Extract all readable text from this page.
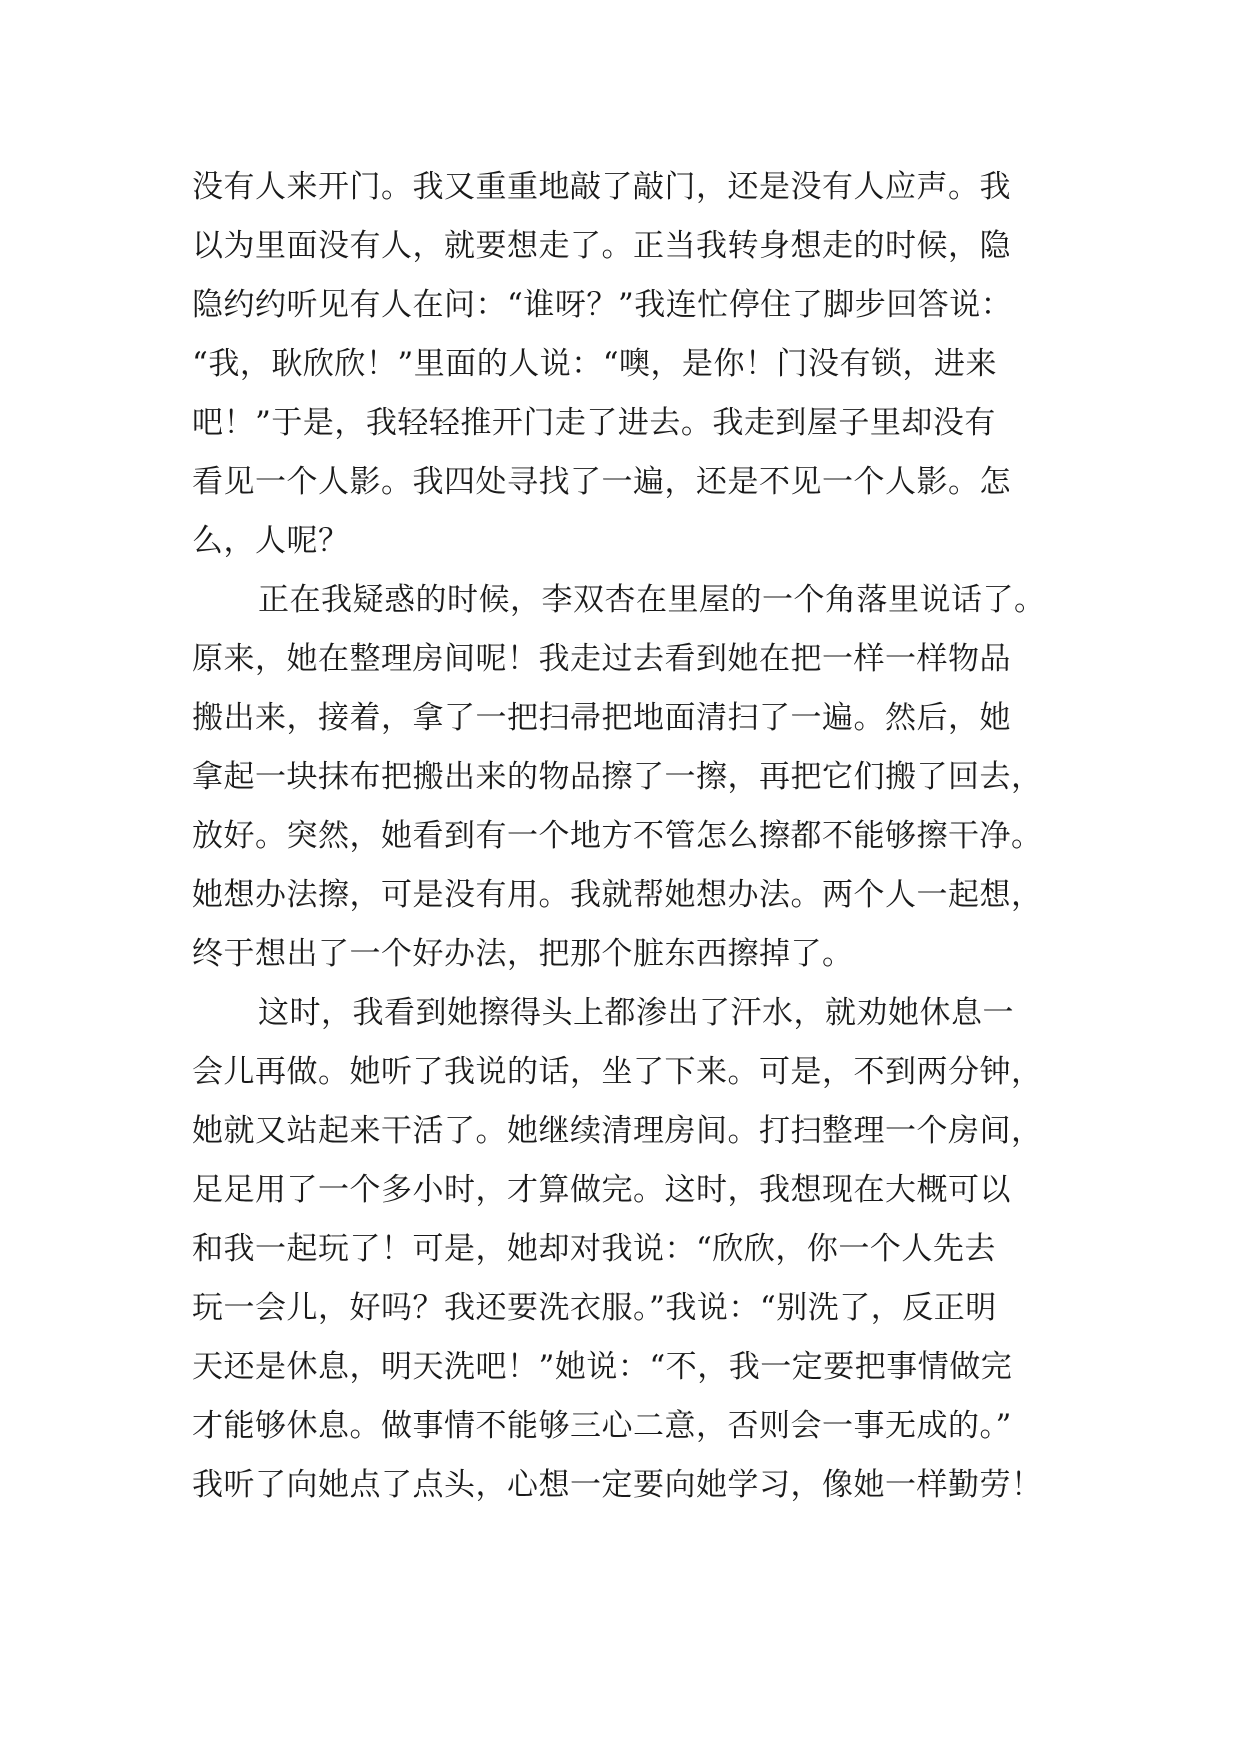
没有人来开门。我又重重地敲了敲门，还是没有人应声。我
以为里面没有人，就要想走了。正当我转身想走的时候，隐
隐约约听见有人在问：“谁呀？”我连忙停住了脚步回答说：
“我，耿欣欣！”里面的人说：“噢，是你！门没有锁，进来
吧！”于是，我轻轻推开门走了进去。我走到屋子里却没有
看见一个人影。我四处寻找了一遍，还是不见一个人影。怎
么，人呢？
正在我疑惑的时候，李双杏在里屋的一个角落里说话了。
原来，她在整理房间呢！我走过去看到她在把一样一样物品
搬出来，接着，拿了一把扫帚把地面清扫了一遍。然后，她
拿起一块抹布把搬出来的物品擦了一擦，再把它们搬了回去，
放好。突然，她看到有一个地方不管怎么擦都不能够擦干净。
她想办法擦，可是没有用。我就帮她想办法。两个人一起想，
终于想出了一个好办法，把那个脏东西擦掉了。
这时，我看到她擦得头上都渗出了汗水，就劝她休息一
会儿再做。她听了我说的话，坐了下来。可是，不到两分钟，
她就又站起来干活了。她继续清理房间。打扫整理一个房间，
足足用了一个多小时，才算做完。这时，我想现在大概可以
和我一起玩了！可是，她却对我说：“欣欣，你一个人先去
玩一会儿，好吗？我还要洗衣服。”我说：“别洗了，反正明
天还是休息，明天洗吧！”她说：“不，我一定要把事情做完
才能够休息。做事情不能够三心二意，否则会一事无成的。”
我听了向她点了点头，心想一定要向她学习，像她一样勤劳！
